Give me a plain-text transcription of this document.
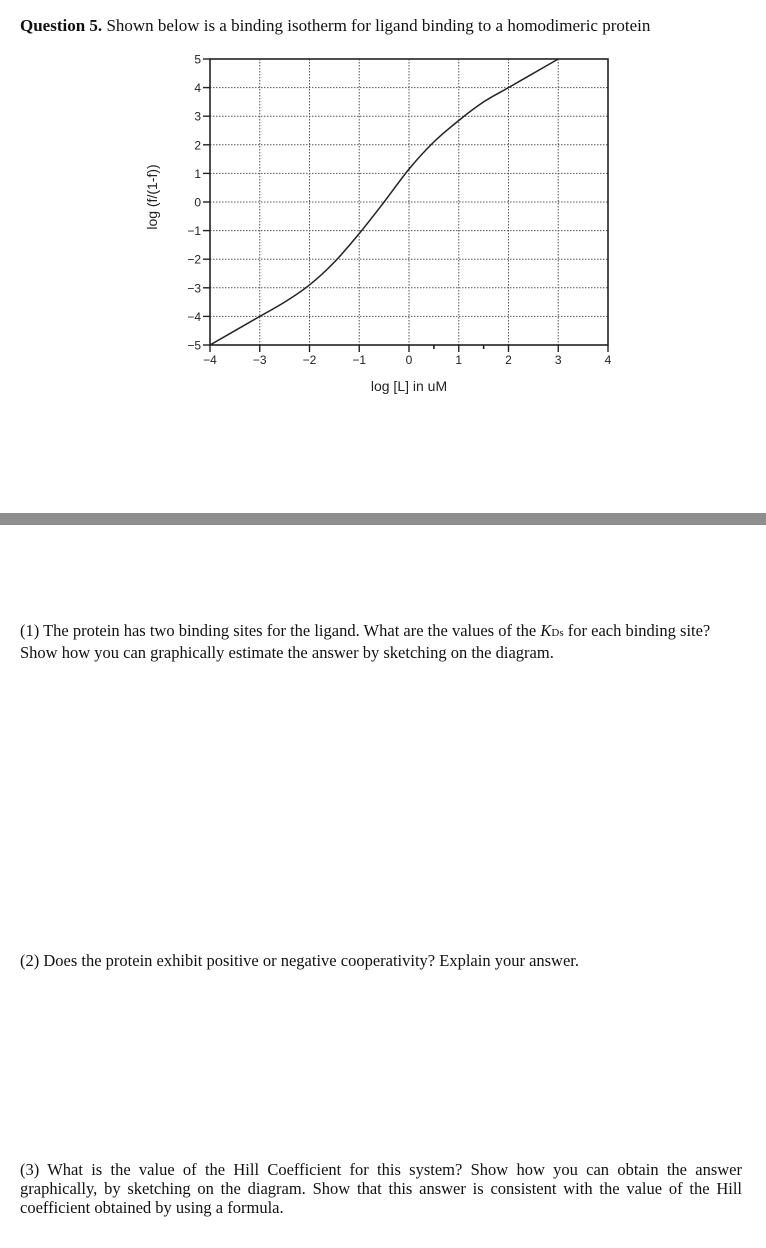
Question 5. Shown below is a binding isotherm for ligand binding to a homodimeric protein
5
4
3
2
1
0
−1
−2
−3
−4
−5
−4	−3	−2	−1	0	1	2	3	4
log [L] in uM
log (f/(1-f))
(1) The protein has two binding sites for the ligand. What are the values of the KDs for each binding site? Show how you can graphically estimate the answer by sketching on the diagram.
(2) Does the protein exhibit positive or negative cooperativity? Explain your answer.
(3) What is the value of the Hill Coefficient for this system? Show how you can obtain the answer graphically, by sketching on the diagram. Show that this answer is consistent with the value of the Hill coefficient obtained by using a formula.
